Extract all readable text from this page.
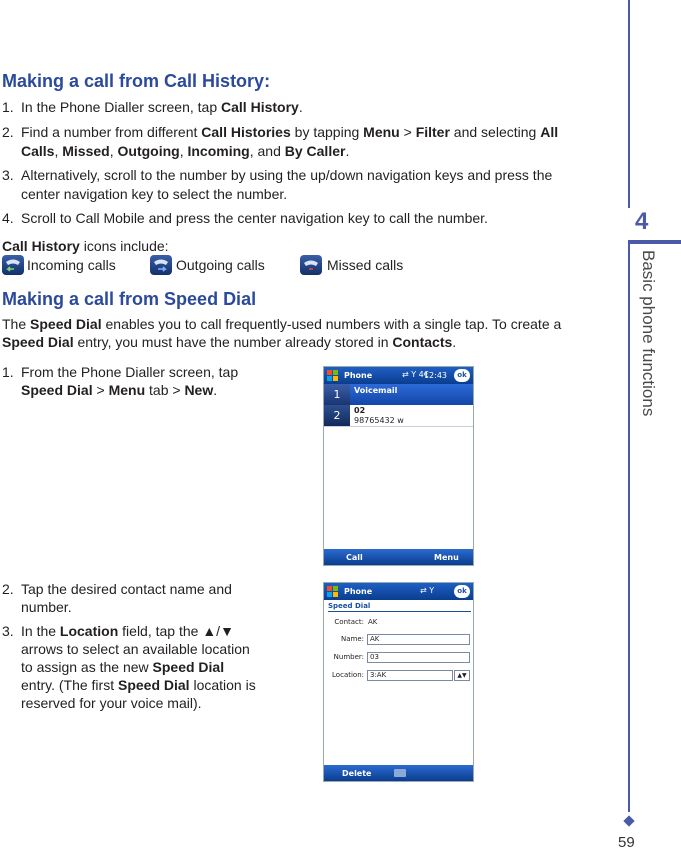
Making a call from Call History:
1. In the Phone Dialler screen, tap Call History.
2. Find a number from different Call Histories by tapping Menu > Filter and selecting All
Calls, Missed, Outgoing, Incoming, and By Caller.
3. Alternatively, scroll to the number by using the up/down navigation keys and press the
center navigation key to select the number.
4. Scroll to Call Mobile and press the center navigation key to call the number.
Call History icons include:
Incoming calls	Outgoing calls	Missed calls
Making a call from Speed Dial
The Speed Dial enables you to call frequently-used numbers with a single tap. To create a
Speed Dial entry, you must have the number already stored in Contacts.
1. From the Phone Dialler screen, tap
Speed Dial > Menu tab > New.
2. Tap the desired contact name and
number.
3. In the Location field, tap the ▲/▼
arrows to select an available location
to assign as the new Speed Dial
entry. (The first Speed Dial location is
reserved for your voice mail).
Phone	⇄ Y 4€
12:43	ok
1	Voicemail
2	02
98765432 w
Call	Menu
Phone	⇄ Y	ok
Speed Dial
Contact: AK
Name: AK
Number: 03
Location: 3:AK	▲▼
Delete
4
Basic phone functions
59
